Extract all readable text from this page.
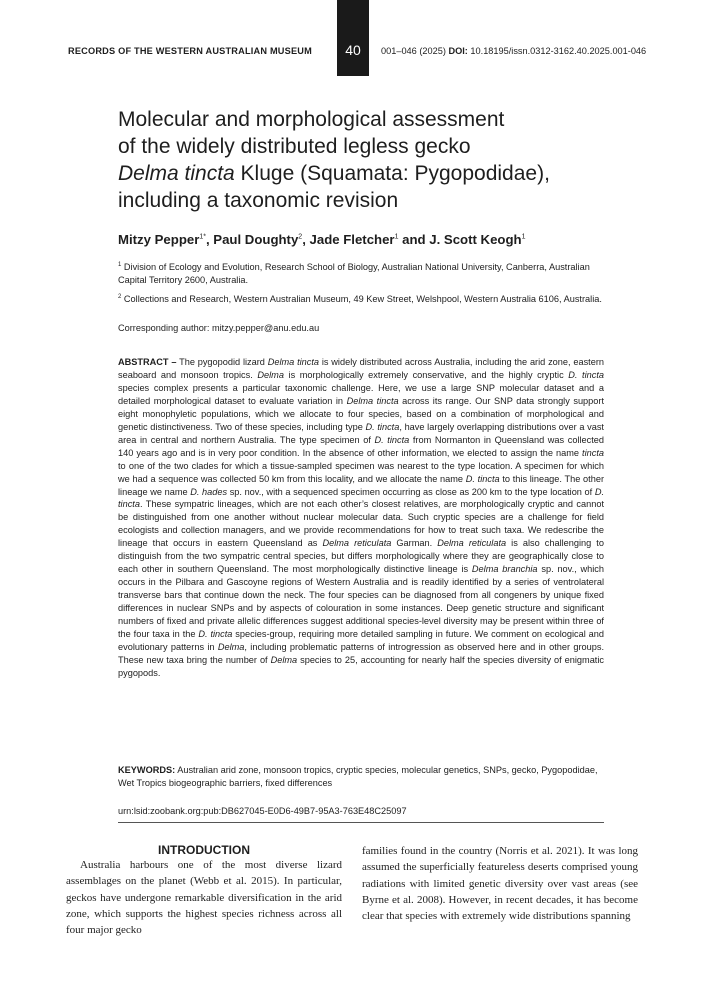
RECORDS OF THE WESTERN AUSTRALIAN MUSEUM	40	001–046 (2025) DOI: 10.18195/issn.0312-3162.40.2025.001-046
Molecular and morphological assessment
of the widely distributed legless gecko
Delma tincta Kluge (Squamata: Pygopodidae),
including a taxonomic revision
Mitzy Pepper$^{1*}$, Paul Doughty$^2$, Jade Fletcher$^1$ and J. Scott Keogh$^1$
$^1$ Division of Ecology and Evolution, Research School of Biology, Australian National University, Canberra, Australian Capital Territory 2600, Australia.
$^2$ Collections and Research, Western Australian Museum, 49 Kew Street, Welshpool, Western Australia 6106, Australia.
Corresponding author: mitzy.pepper@anu.edu.au

ABSTRACT – The pygopodid lizard Delma tincta is widely distributed across Australia, including the arid zone, eastern seaboard and monsoon tropics. Delma is morphologically extremely conservative, and the highly cryptic D. tincta species complex presents a particular taxonomic challenge. Here, we use a large SNP molecular dataset and a detailed morphological dataset to evaluate variation in Delma tincta across its range. Our SNP data strongly support eight monophyletic populations, which we allocate to four species, based on a combination of morphological and genetic distinctiveness. Two of these species, including type D. tincta, have largely overlapping distributions over a vast area in central and northern Australia. The type specimen of D. tincta from Normanton in Queensland was collected 140 years ago and is in very poor condition. In the absence of other information, we elected to assign the name tincta to one of the two clades for which a tissue-sampled specimen was nearest to the type location. A specimen for which we had a sequence was collected 50 km from this locality, and we allocate the name D. tincta to this lineage. The other lineage we name D. hades sp. nov., with a sequenced specimen occurring as close as 200 km to the type location of D. tincta. These sympatric lineages, which are not each other’s closest relatives, are morphologically cryptic and cannot be distinguished from one another without nuclear molecular data. Such cryptic species are a challenge for field ecologists and collection managers, and we provide recommendations for how to treat such taxa. We redescribe the lineage that occurs in eastern Queensland as Delma reticulata Garman. Delma reticulata is also challenging to distinguish from the two sympatric central species, but differs morphologically where they are geographically close to each other in southern Queensland. The most morphologically distinctive lineage is Delma branchia sp. nov., which occurs in the Pilbara and Gascoyne regions of Western Australia and is readily identified by a series of ventrolateral transverse bars that continue down the neck. The four species can be diagnosed from all congeners by unique fixed differences in nuclear SNPs and by aspects of colouration in some instances. Deep genetic structure and significant numbers of fixed and private allelic differences suggest additional species-level diversity may be present within three of the four taxa in the D. tincta species-group, requiring more detailed sampling in future. We comment on ecological and evolutionary patterns in Delma, including problematic patterns of introgression as observed here and in other groups. These new taxa bring the number of Delma species to 25, accounting for nearly half the species diversity of enigmatic pygopods.

KEYWORDS: Australian arid zone, monsoon tropics, cryptic species, molecular genetics, SNPs, gecko, Pygopodidae, Wet Tropics biogeographic barriers, fixed differences

urn:lsid:zoobank.org:pub:DB627045-E0D6-49B7-95A3-763E48C25097
INTRODUCTION

Australia harbours one of the most diverse lizard assemblages on the planet (Webb et al. 2015). In particular, geckos have undergone remarkable diversification in the arid zone, which supports the highest species richness across all four major gecko

families found in the country (Norris et al. 2021). It was long assumed the superficially featureless deserts comprised young radiations with limited genetic diversity over vast areas (see Byrne et al. 2008). However, in recent decades, it has become clear that species with extremely wide distributions spanning
